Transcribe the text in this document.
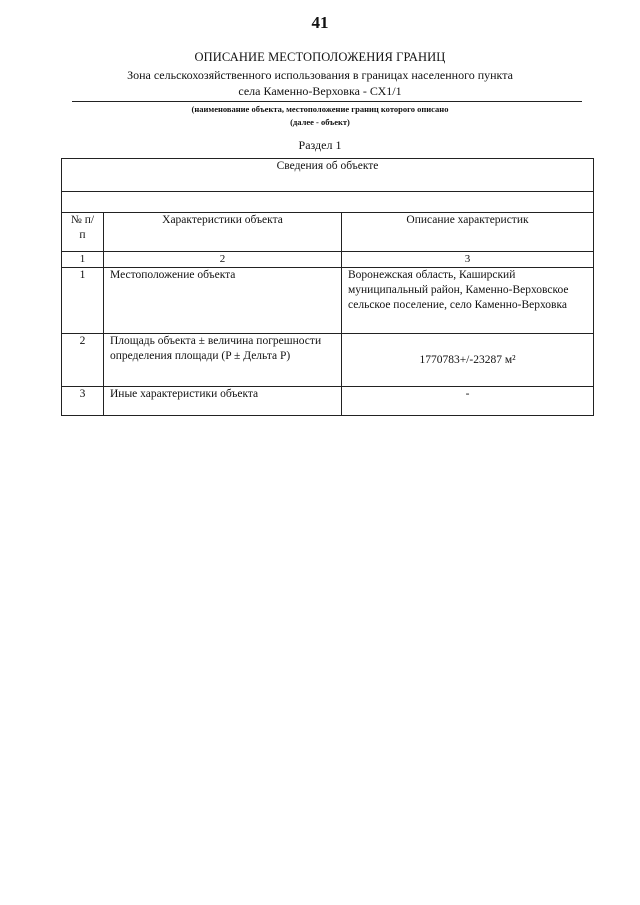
41
ОПИСАНИЕ МЕСТОПОЛОЖЕНИЯ ГРАНИЦ
Зона сельскохозяйственного использования в границах населенного пункта
села Каменно-Верховка - СХ1/1
(наименование объекта, местоположение границ которого описано
(далее - объект)
Раздел 1
Сведения об объекте		

№ п/п	Характеристики объекта	Описание характеристик
1	2	3
1	Местоположение объекта	Воронежская область, Каширский муниципальный район, Каменно-Верховское сельское поселение, село Каменно-Верховка
2	Площадь объекта ± величина погрешности определения площади (P ± Дельта P)	1770783+/-23287 м²
3	Иные характеристики объекта	-
